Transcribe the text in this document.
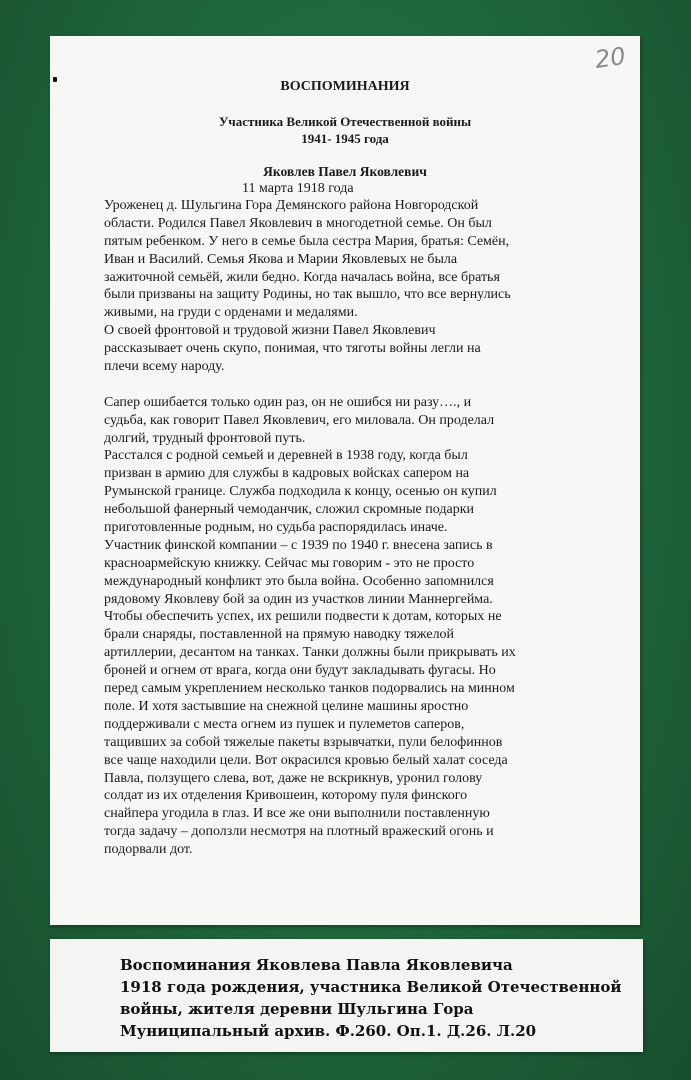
20
ВОСПОМИНАНИЯ
Участника Великой Отечественной войны
1941- 1945 года
Яковлев Павел Яковлевич
11 марта 1918 года
Уроженец д. Шульгина Гора Демянского района Новгородской
области. Родился Павел Яковлевич в многодетной семье. Он был
пятым ребенком. У него в семье была сестра Мария, братья: Семён,
Иван и Василий. Семья Якова и Марии Яковлевых не была
зажиточной семьёй, жили бедно. Когда началась война, все братья
были призваны на защиту Родины, но так вышло, что все вернулись
живыми, на груди с орденами и медалями.
О своей фронтовой и трудовой жизни Павел Яковлевич
рассказывает очень скупо, понимая, что тяготы войны легли на
плечи всему народу.
Сапер ошибается только один раз, он не ошибся ни разу…., и
судьба, как говорит Павел Яковлевич, его миловала. Он проделал
долгий, трудный фронтовой путь.
Расстался с родной семьей и деревней в 1938 году, когда был
призван в армию для службы в кадровых войсках сапером на
Румынской границе. Служба подходила к концу, осенью он купил
небольшой фанерный чемоданчик, сложил скромные подарки
приготовленные родным, но судьба распорядилась иначе.
Участник финской компании – с 1939 по 1940 г. внесена запись в
красноармейскую книжку. Сейчас мы говорим - это не просто
международный конфликт это была война. Особенно запомнился
рядовому Яковлеву бой за один из участков линии Маннергейма.
Чтобы обеспечить успех, их решили подвести к дотам, которых не
брали снаряды, поставленной на прямую наводку тяжелой
артиллерии, десантом на танках. Танки должны были прикрывать их
броней и огнем от врага, когда они будут закладывать фугасы. Но
перед самым укреплением несколько танков подорвались на минном
поле. И хотя застывшие на снежной целине машины яростно
поддерживали с места огнем из пушек и пулеметов саперов,
тащивших за собой тяжелые пакеты взрывчатки, пули белофиннов
все чаще находили цели. Вот окрасился кровью белый халат соседа
Павла, ползущего слева, вот, даже не вскрикнув, уронил голову
солдат из их отделения Кривошеин, которому пуля финского
снайпера угодила в глаз. И все же они выполнили поставленную
тогда задачу – доползли несмотря на плотный вражеский огонь и
подорвали дот.
Воспоминания Яковлева Павла Яковлевича
1918 года рождения, участника Великой Отечественной
войны, жителя деревни Шульгина Гора
Муниципальный архив. Ф.260. Оп.1. Д.26. Л.20
